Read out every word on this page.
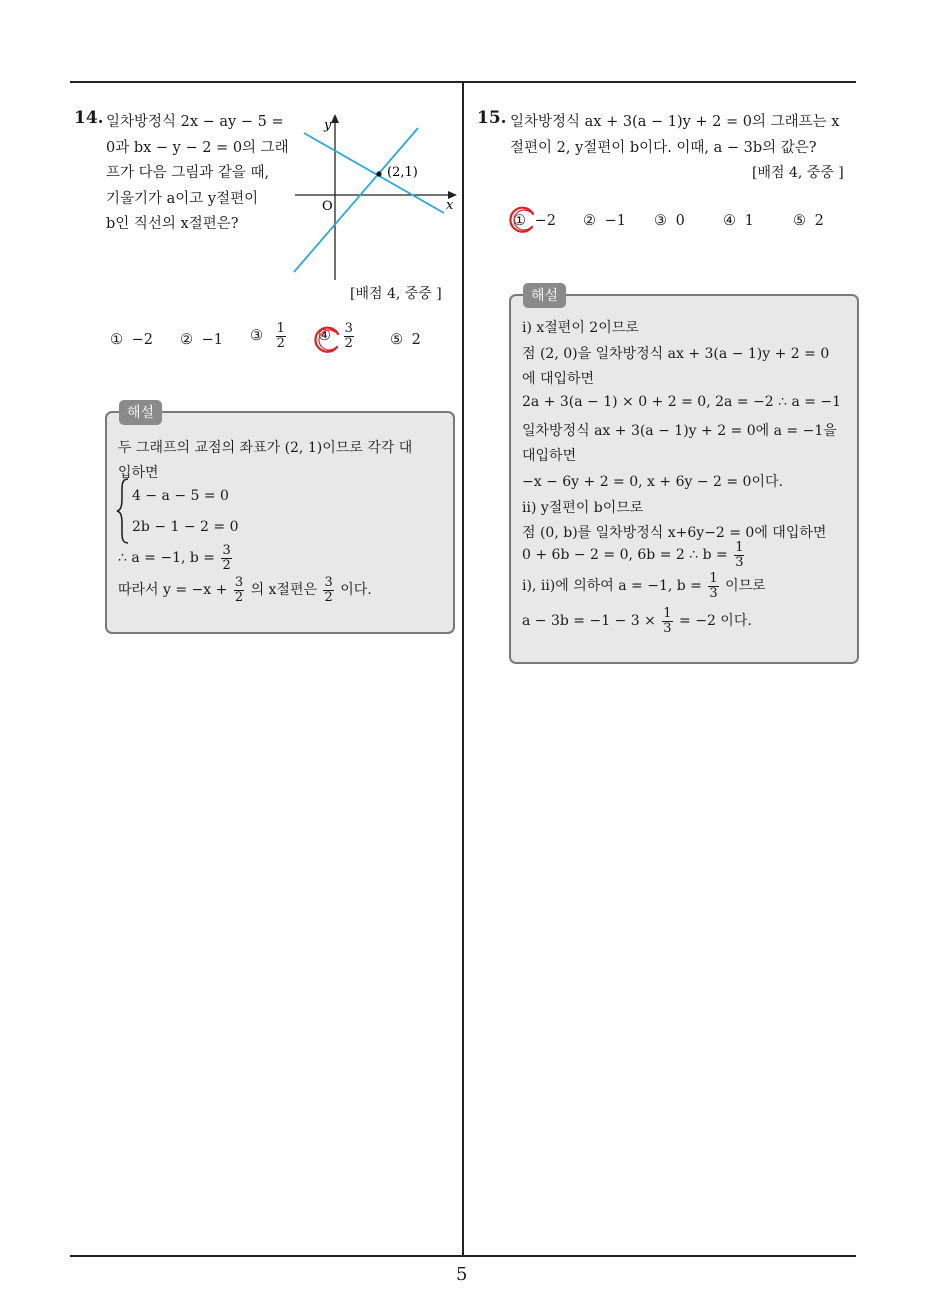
5
14. 일차방정식 2x − ay − 5 =
0과 bx − y − 2 = 0의 그래
프가 다음 그림과 같을 때,
기울기가 a이고 y절편이
b인 직선의 x절편은?
y
x
O
(2,1)
[배점 4, 중중 ]
① −2 ② −1 ③ $\frac{1}{2}$ ④ $\frac{3}{2}$ ⑤ 2
해설
두 그래프의 교점의 좌표가 (2, 1)이므로 각각 대
입하면
4 − a − 5 = 0
2b − 1 − 2 = 0
∴ a = −1, $b = \frac{3}{2}$
따라서 $y = -x + \frac{3}{2}$ 의 x절편은 $\frac{3}{2}$ 이다.
15. 일차방정식 ax + 3(a − 1)y + 2 = 0의 그래프는 x
절편이 2, y절편이 b이다. 이때, a − 3b의 값은?
[배점 4, 중중 ]
① −2 ② −1 ③ 0	④ 1	⑤ 2
해설
ⅰ) x절편이 2이므로
점 (2, 0)을 일차방정식 ax + 3(a − 1)y + 2 = 0
에 대입하면
2a + 3(a − 1) × 0 + 2 = 0, 2a = −2 ∴ a = −1
일차방정식 ax + 3(a − 1)y + 2 = 0에 a = −1을
대입하면
−x − 6y + 2 = 0, x + 6y − 2 = 0이다.
ⅱ) y절편이 b이므로
점 (0, b)를 일차방정식 x+6y−2 = 0에 대입하면
0 + 6b − 2 = 0, 6b = 2 ∴ $b = \frac{1}{3}$
ⅰ), ⅱ)에 의하여 a = −1, $b = \frac{1}{3}$ 이므로
$a - 3b = -1 - 3 \times \frac{1}{3} = -2$ 이다.
